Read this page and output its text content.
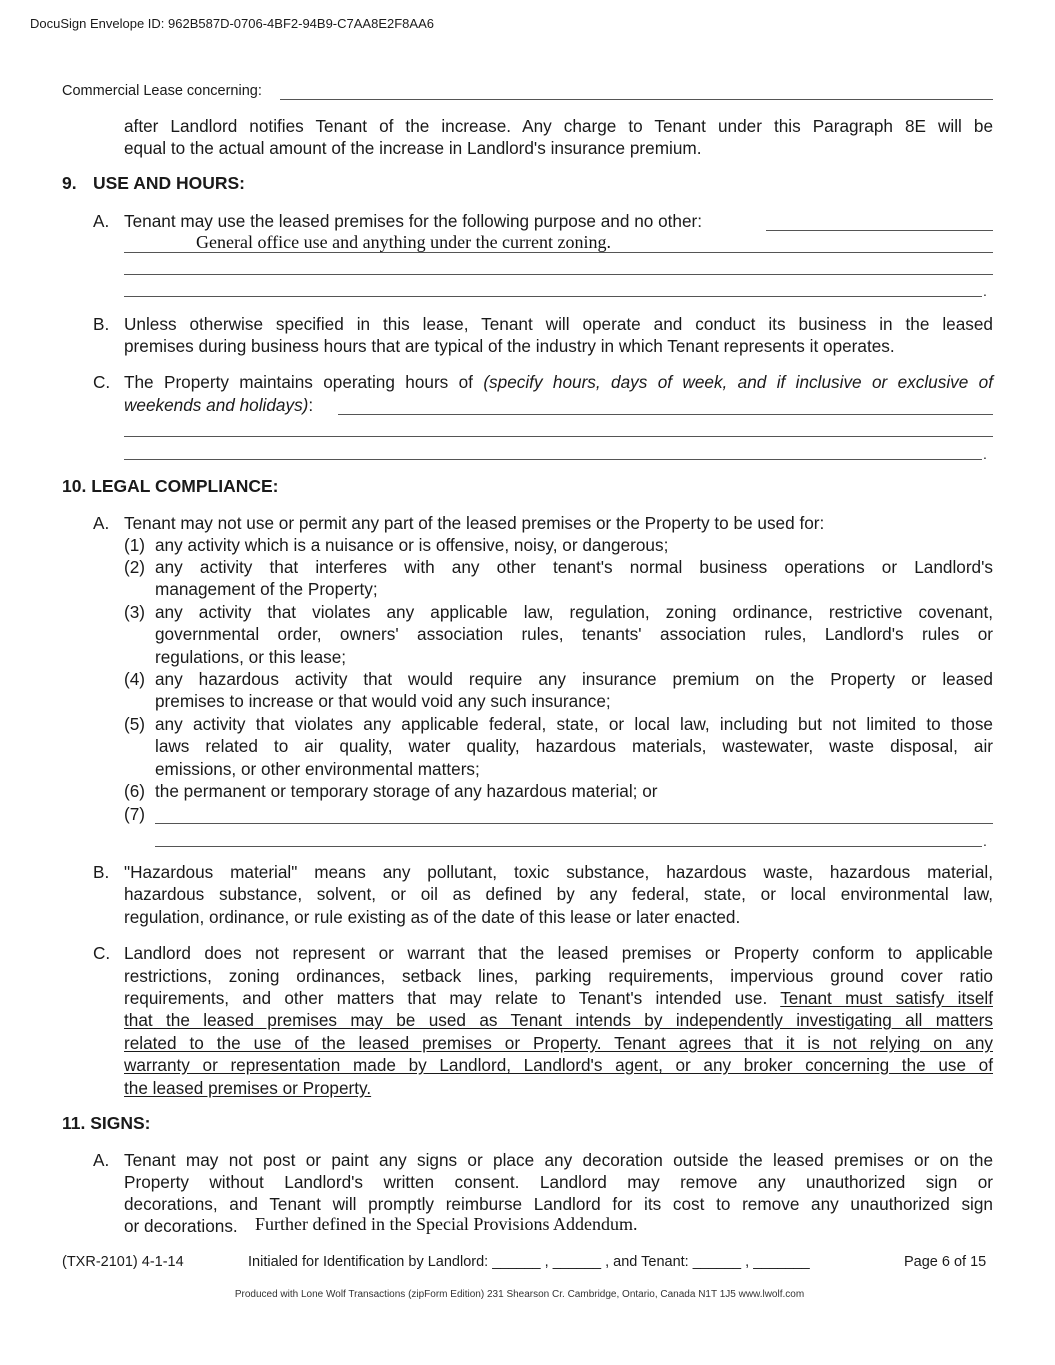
DocuSign Envelope ID: 962B587D-0706-4BF2-94B9-C7AA8E2F8AA6
Commercial Lease concerning:
after Landlord notifies Tenant of the increase. Any charge to Tenant under this Paragraph 8E will be
equal to the actual amount of the increase in Landlord's insurance premium.
9. USE AND HOURS:
A. Tenant may use the leased premises for the following purpose and no other:
General office use and anything under the current zoning.
.
B. Unless otherwise specified in this lease, Tenant will operate and conduct its business in the leased
premises during business hours that are typical of the industry in which Tenant represents it operates.
C. The Property maintains operating hours of (specify hours, days of week, and if inclusive or exclusive of
weekends and holidays):
.
10. LEGAL COMPLIANCE:
A. Tenant may not use or permit any part of the leased premises or the Property to be used for:
(1) any activity which is a nuisance or is offensive, noisy, or dangerous;
(2) any activity that interferes with any other tenant's normal business operations or Landlord's
management of the Property;
(3) any activity that violates any applicable law, regulation, zoning ordinance, restrictive covenant,
governmental order, owners' association rules, tenants' association rules, Landlord's rules or
regulations, or this lease;
(4) any hazardous activity that would require any insurance premium on the Property or leased
premises to increase or that would void any such insurance;
(5) any activity that violates any applicable federal, state, or local law, including but not limited to those
laws related to air quality, water quality, hazardous materials, wastewater, waste disposal, air
emissions, or other environmental matters;
(6) the permanent or temporary storage of any hazardous material; or
(7)
.
B. "Hazardous material" means any pollutant, toxic substance, hazardous waste, hazardous material,
hazardous substance, solvent, or oil as defined by any federal, state, or local environmental law,
regulation, ordinance, or rule existing as of the date of this lease or later enacted.
C. Landlord does not represent or warrant that the leased premises or Property conform to applicable
restrictions, zoning ordinances, setback lines, parking requirements, impervious ground cover ratio
requirements, and other matters that may relate to Tenant's intended use. Tenant must satisfy itself
that the leased premises may be used as Tenant intends by independently investigating all matters
related to the use of the leased premises or Property. Tenant agrees that it is not relying on any
warranty or representation made by Landlord, Landlord's agent, or any broker concerning the use of
the leased premises or Property.
11. SIGNS:
A. Tenant may not post or paint any signs or place any decoration outside the leased premises or on the
Property without Landlord's written consent. Landlord may remove any unauthorized sign or
decorations, and Tenant will promptly reimburse Landlord for its cost to remove any unauthorized sign
or decorations. Further defined in the Special Provisions Addendum.
(TXR-2101) 4-1-14	Initialed for Identification by Landlord: ______ , ______ , and Tenant: ______ , _______	Page 6 of 15
Produced with Lone Wolf Transactions (zipForm Edition) 231 Shearson Cr. Cambridge, Ontario, Canada N1T 1J5 www.lwolf.com
